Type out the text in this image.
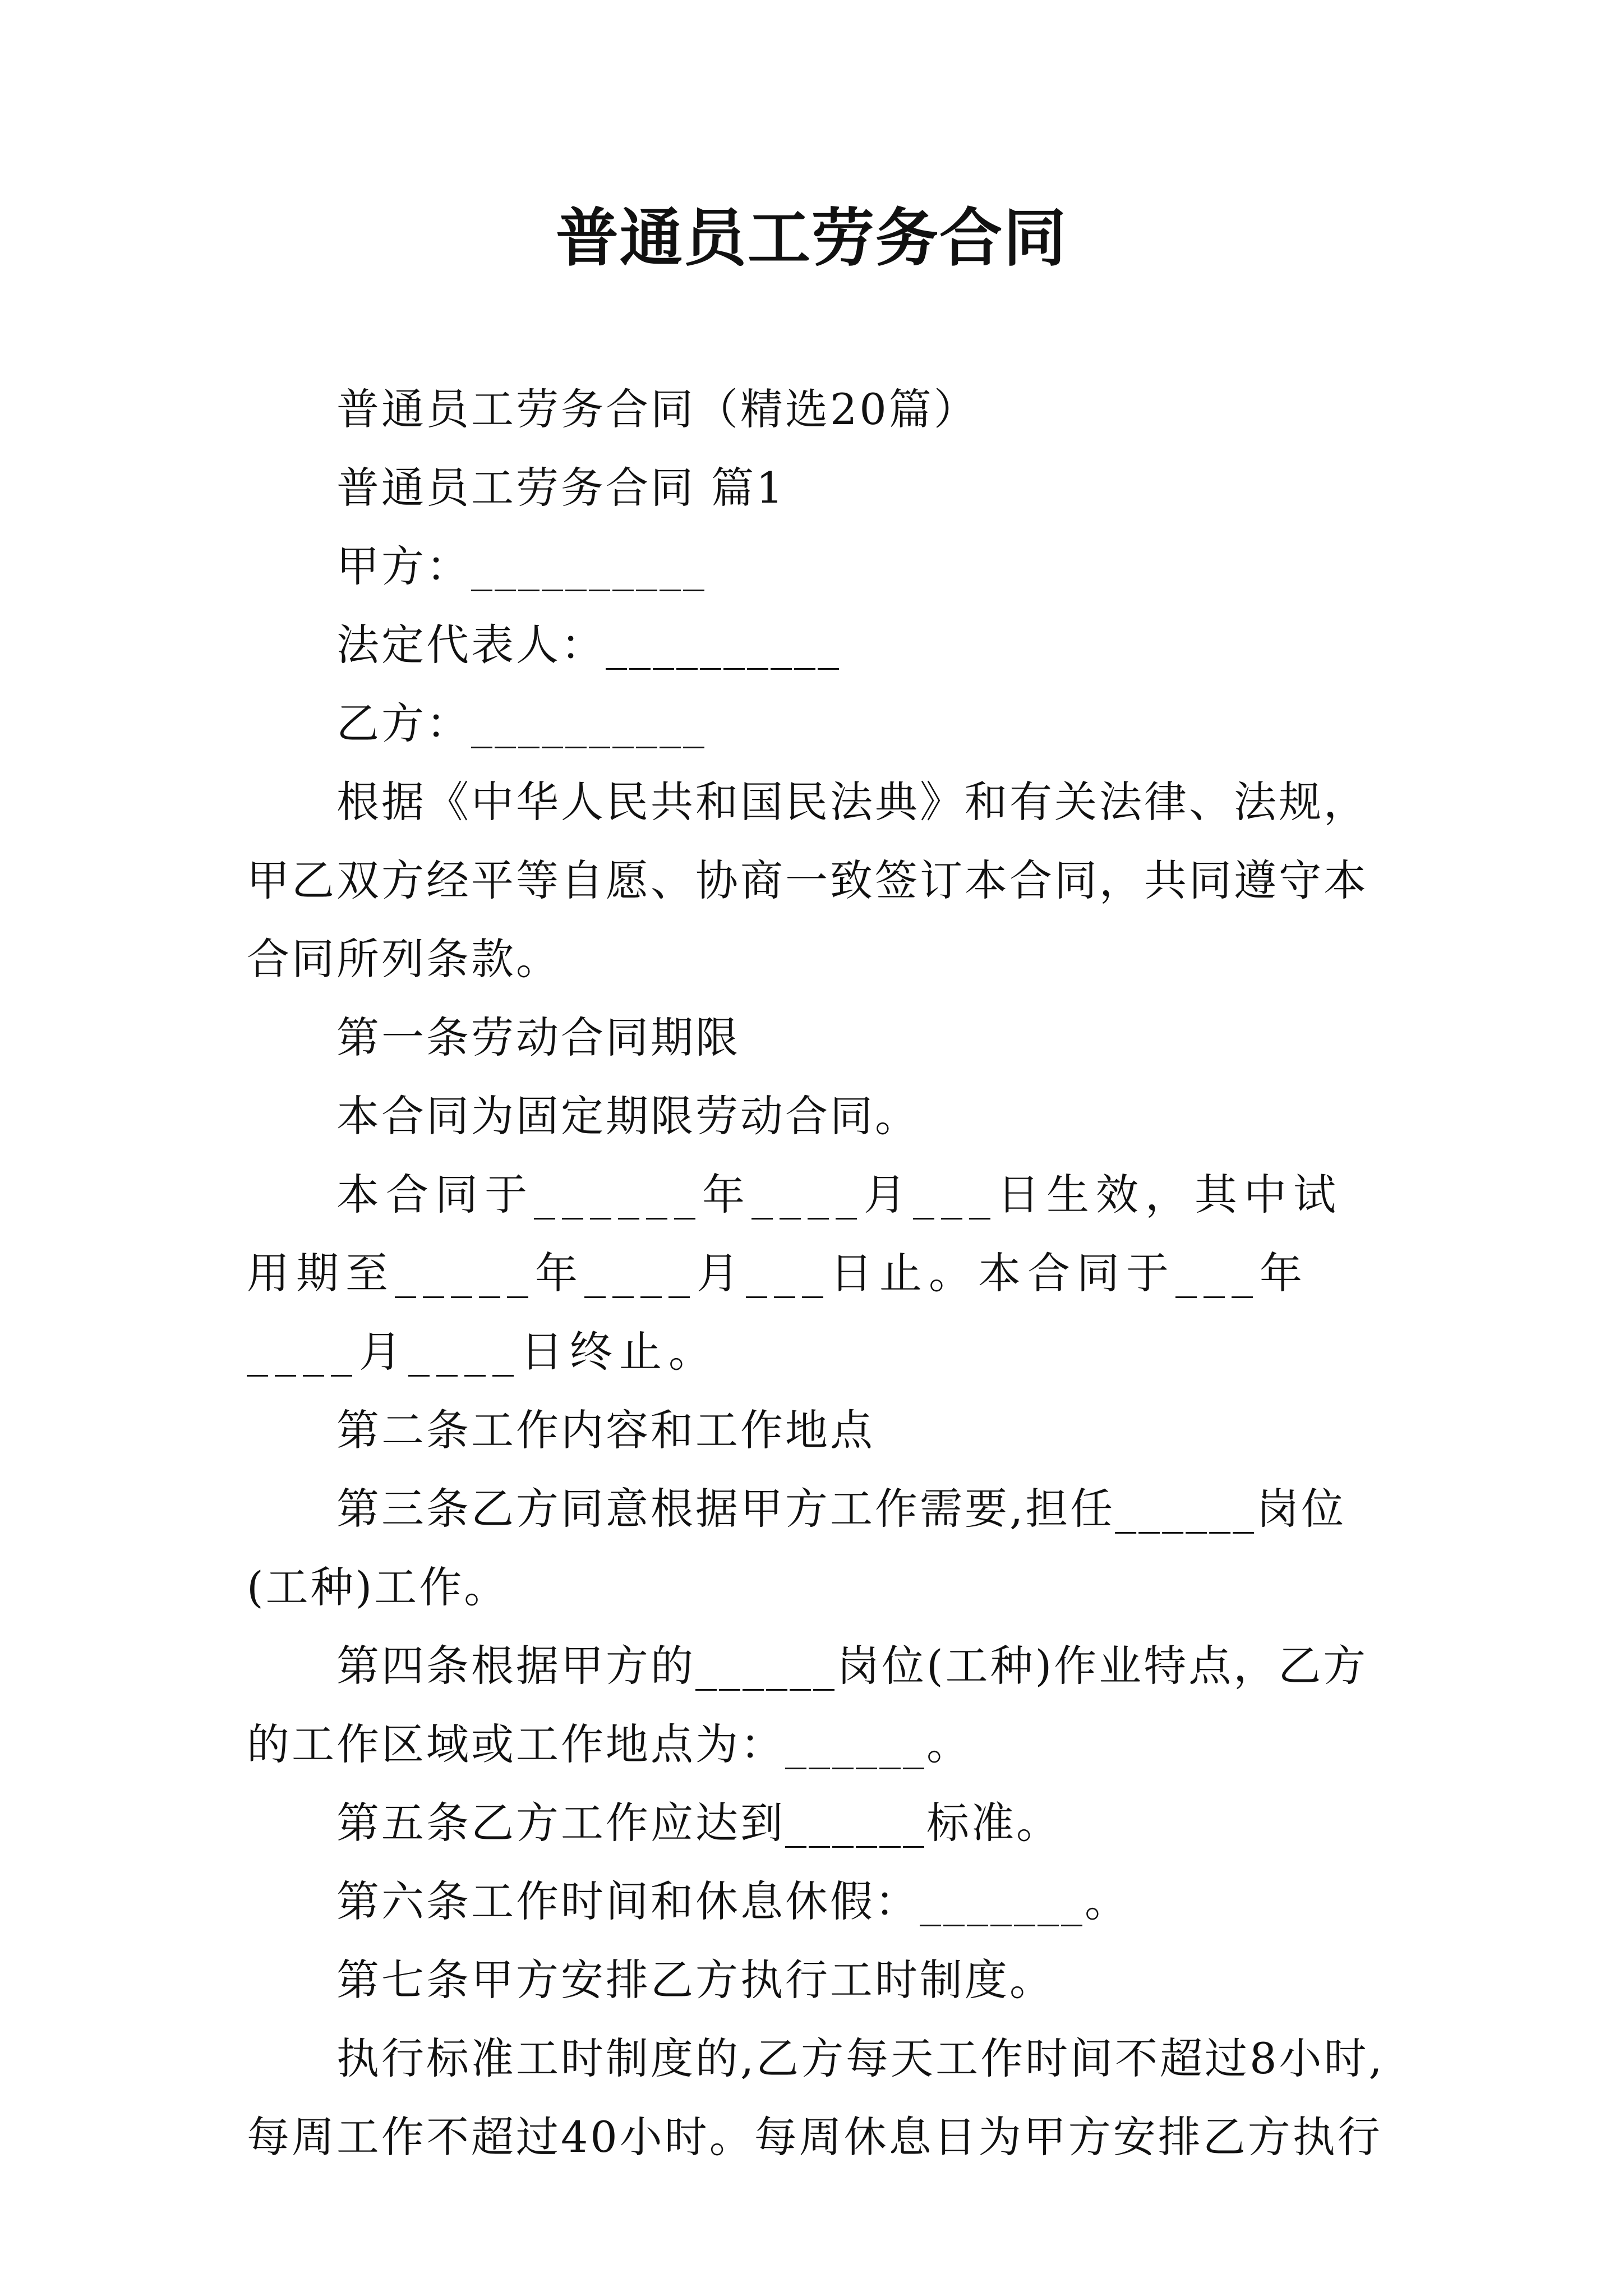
普通员工劳务合同

普通员工劳务合同（精选20篇）

普通员工劳务合同 篇1

甲方：__________

法定代表人：__________

乙方：__________

根据《中华人民共和国民法典》和有关法律、法规，甲乙双方经平等自愿、协商一致签订本合同，共同遵守本合同所列条款。

第一条劳动合同期限

本合同为固定期限劳动合同。

本合同于______年____月___日生效，其中试用期至_____年____月___日止。本合同于___年____月____日终止。

第二条工作内容和工作地点

第三条乙方同意根据甲方工作需要,担任______岗位(工种)工作。

第四条根据甲方的______岗位(工种)作业特点，乙方的工作区域或工作地点为：______。

第五条乙方工作应达到______标准。

第六条工作时间和休息休假：_______。

第七条甲方安排乙方执行工时制度。

执行标准工时制度的,乙方每天工作时间不超过8小时,每周工作不超过40小时。每周休息日为甲方安排乙方执行
